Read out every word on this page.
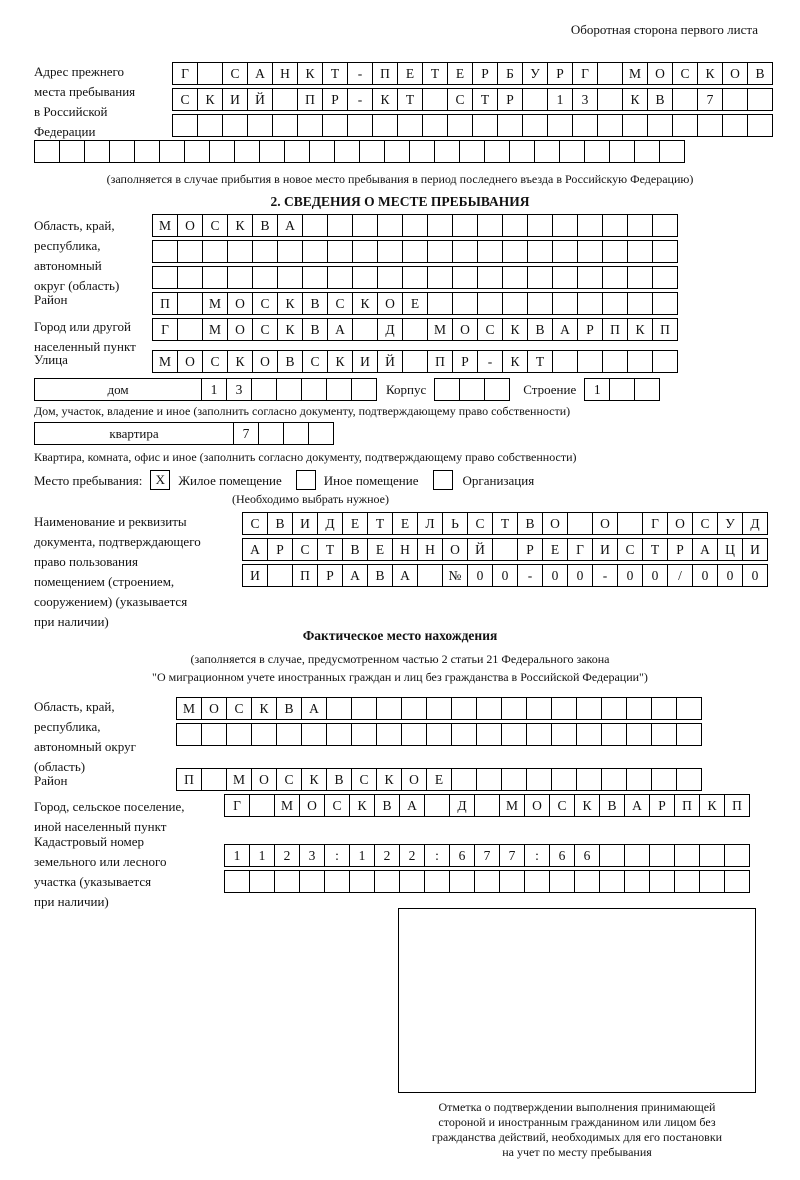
Оборотная сторона первого листа
Адрес прежнего
места пребывания
в Российской
Федерации
Г	С	А	Н	К	Т	-	П	Е	Т	Е	Р	Б	У	Р	Г	М	О	С	К	О	В
С	К	И	Й	П	Р	-	К	Т	С	Т	Р	1	3	К	В	7
(заполняется в случае прибытия в новое место пребывания в период последнего въезда в Российскую Федерацию)
2. СВЕДЕНИЯ О МЕСТЕ ПРЕБЫВАНИЯ
Область, край,
республика,
автономный
округ (область)
М	О	С	К	В	А
Район	П	М	О	С	К	В	С	К	О	Е
Город или другой
населенный пункт
Г	М	О	С	К	В	А	Д	М	О	С	К	В	А	Р	П	К	П
Улица	М	О	С	К	О	В	С	К	И	Й	П	Р	-	К	Т
дом	1	3	Корпус	Строение	1
Дом, участок, владение и иное (заполнить согласно документу, подтверждающему право собственности)
квартира	7
Квартира, комната, офис и иное (заполнить согласно документу, подтверждающему право собственности)
Место пребывания:	Х	Жилое помещение	Иное помещение	Организация
(Необходимо выбрать нужное)
Наименование и реквизиты
документа, подтверждающего
право пользования
помещением (строением,
сооружением) (указывается
при наличии)
С	В	И	Д	Е	Т	Е	Л	Ь	С	Т	В	О	О	Г	О	С	У	Д
А	Р	С	Т	В	Е	Н	Н	О	Й	Р	Е	Г	И	С	Т	Р	А	Ц	И
И	П	Р	А	В	А	№	0	0	-	0	0	-	0	0	/	0	0	0
Фактическое место нахождения
(заполняется в случае, предусмотренном частью 2 статьи 21 Федерального закона
"О миграционном учете иностранных граждан и лиц без гражданства в Российской Федерации")
Область, край,
республика,
автономный округ
(область)
М	О	С	К	В	А
Район	П	М	О	С	К	В	С	К	О	Е
Город, сельское поселение,
иной населенный пункт
Г	М	О	С	К	В	А	Д	М	О	С	К	В	А	Р	П	К	П
Кадастровый номер
земельного или лесного
участка (указывается
при наличии)
1	1	2	3	:	1	2	2	:	6	7	7	:	6	6
Отметка о подтверждении выполнения принимающей
стороной и иностранным гражданином или лицом без
гражданства действий, необходимых для его постановки
на учет по месту пребывания
